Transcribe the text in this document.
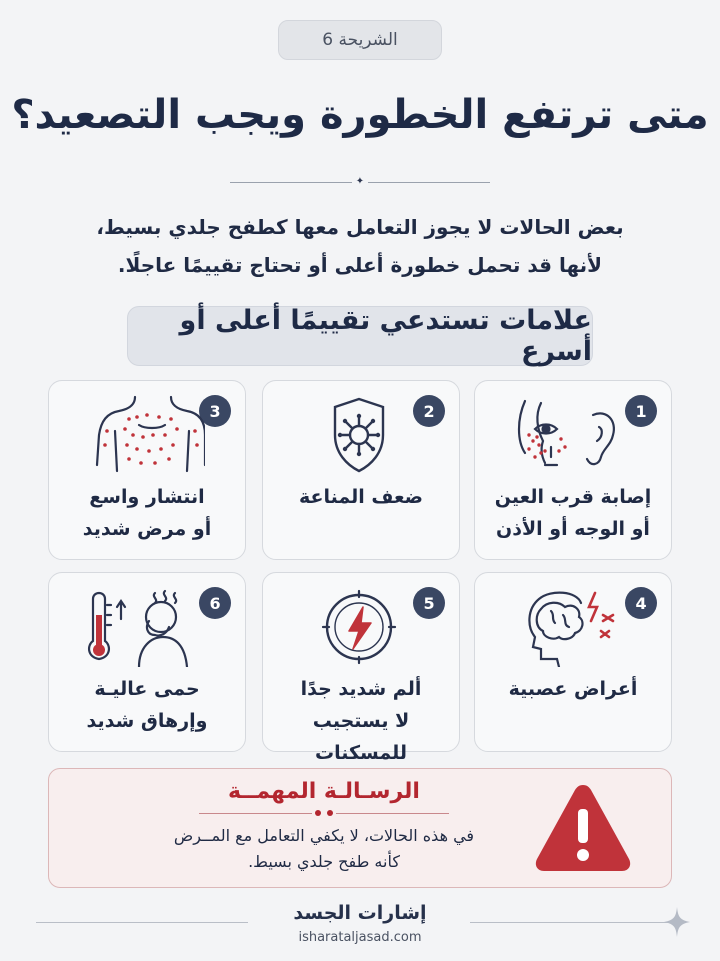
الشريحة 6
متى ترتفع الخطورة ويجب التصعيد؟
✦
بعض الحالات لا يجوز التعامل معها كطفح جلدي بسيط،
لأنها قد تحمل خطورة أعلى أو تحتاج تقييمًا عاجلًا.
علامات تستدعي تقييمًا أعلى أو أسرع
1
إصابة قرب العين
أو الوجه أو الأذن
2
ضعف المناعة
3
انتشار واسع
أو مرض شديد
4
أعراض عصبية
5
ألم شديد جدًا
لا يستجيب للمسكنات
6
حمى عاليـة
وإرهاق شديد
الرسـالـة المهمــة
في هذه الحالات، لا يكفي التعامل مع المــرض
كأنه طفح جلدي بسيط.
إشارات الجسد
isharataljasad.com
